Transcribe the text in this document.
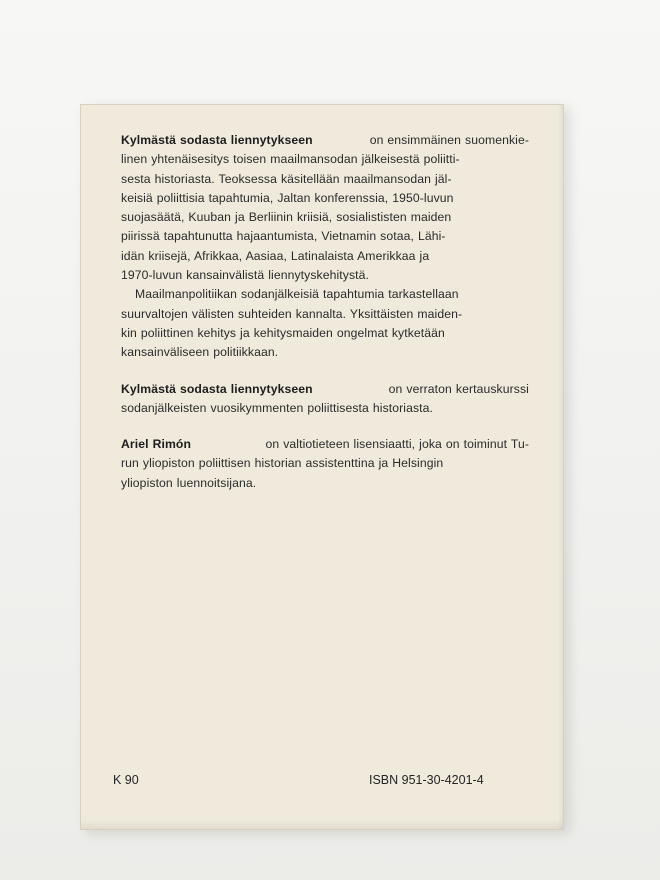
Kylmästä sodasta liennytykseen	on ensimmäinen suomenkie-
linen yhtenäisesitys toisen maailmansodan jälkeisestä poliitti-
sesta historiasta. Teoksessa käsitellään maailmansodan jäl-
keisiä poliittisia tapahtumia, Jaltan konferenssia, 1950-luvun
suojasäätä, Kuuban ja Berliinin kriisiä, sosialististen maiden
piirissä tapahtunutta hajaantumista, Vietnamin sotaa, Lähi-
idän kriisejä, Afrikkaa, Aasiaa, Latinalaista Amerikkaa ja
1970-luvun kansainvälistä liennytyskehitystä.
Maailmanpolitiikan sodanjälkeisiä tapahtumia tarkastellaan
suurvaltojen välisten suhteiden kannalta. Yksittäisten maiden-
kin poliittinen kehitys ja kehitysmaiden ongelmat kytketään
kansainväliseen politiikkaan.
Kylmästä sodasta liennytykseen	on verraton kertauskurssi
sodanjälkeisten vuosikymmenten poliittisesta historiasta.
Ariel Rimón	on valtiotieteen lisensiaatti, joka on toiminut Tu-
run yliopiston poliittisen historian assistenttina ja Helsingin
yliopiston luennoitsijana.
K 90	ISBN 951-30-4201-4
